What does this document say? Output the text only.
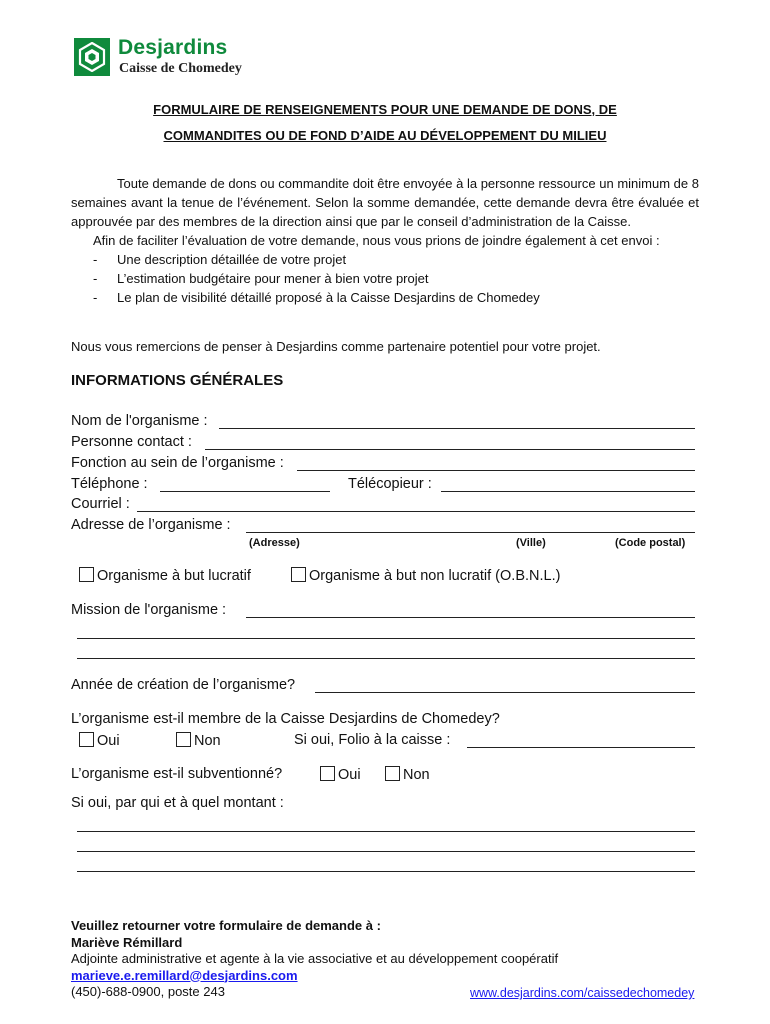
Desjardins
Caisse de Chomedey
FORMULAIRE DE RENSEIGNEMENTS POUR UNE DEMANDE DE DONS, DE
COMMANDITES OU DE FOND D’AIDE AU DÉVELOPPEMENT DU MILIEU

Toute demande de dons ou commandite doit être envoyée à la personne ressource un minimum de 8 semaines avant la tenue de l’événement. Selon la somme demandée, cette demande devra être évaluée et approuvée par des membres de la direction ainsi que par le conseil d’administration de la Caisse.

Afin de faciliter l’évaluation de votre demande, nous vous prions de joindre également à cet envoi :

- Une description détaillée de votre projet
- L’estimation budgétaire pour mener à bien votre projet
- Le plan de visibilité détaillé proposé à la Caisse Desjardins de Chomedey
Nous vous remercions de penser à Desjardins comme partenaire potentiel pour votre projet.
INFORMATIONS GÉNÉRALES
Nom de l'organisme :
Personne contact :
Fonction au sein de l’organisme :
Téléphone :	Télécopieur :
Courriel :
Adresse de l’organisme :
(Adresse)	(Ville)	(Code postal)
Organisme à but lucratif	Organisme à but non lucratif (O.B.N.L.)
Mission de l'organisme :
Année de création de l’organisme?
L’organisme est-il membre de la Caisse Desjardins de Chomedey?
Oui	Non	Si oui, Folio à la caisse :
L’organisme est-il subventionné?	Oui	Non
Si oui, par qui et à quel montant :
Veuillez retourner votre formulaire de demande à :
Mariève Rémillard
Adjointe administrative et agente à la vie associative et au développement coopératif
marieve.e.remillard@desjardins.com
(450)-688-0900, poste 243	www.desjardins.com/caissedechomedey
